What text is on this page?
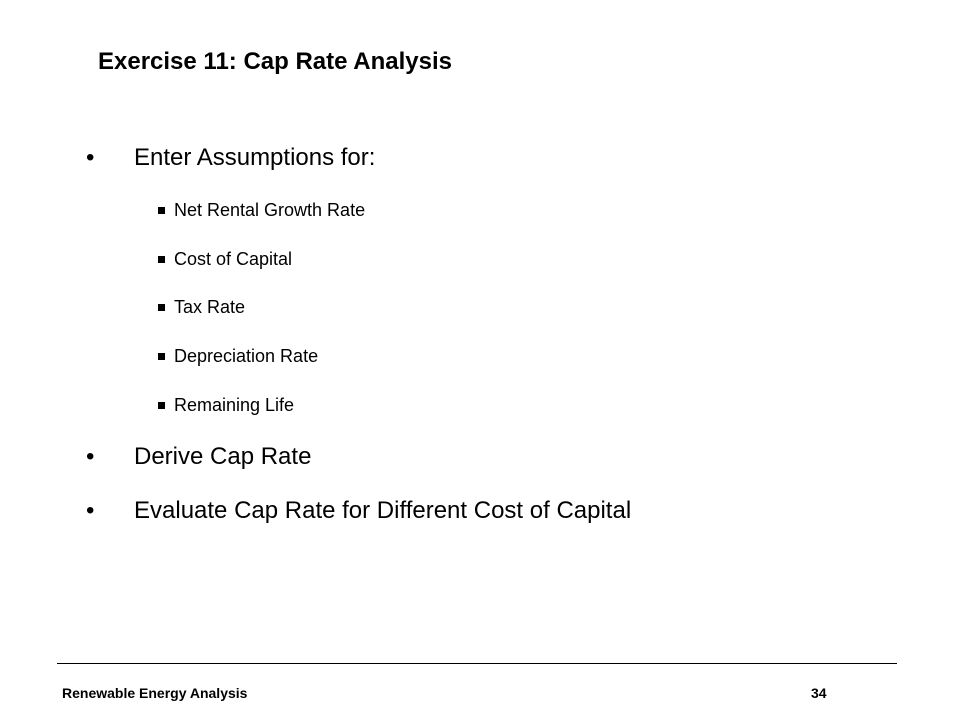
Exercise 11: Cap Rate Analysis
•	Enter Assumptions for:
Net Rental Growth Rate
Cost of Capital
Tax Rate
Depreciation Rate
Remaining Life
•	Derive Cap Rate
•	Evaluate Cap Rate for Different Cost of Capital
Renewable Energy Analysis	34
